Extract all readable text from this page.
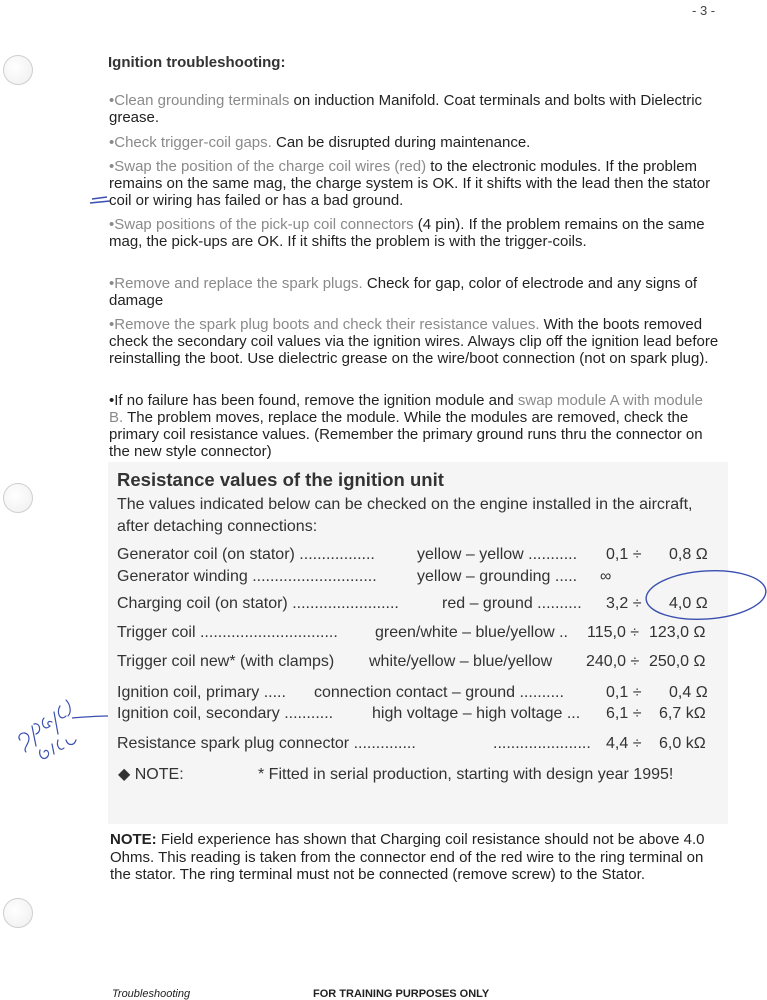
- 3 -
Ignition troubleshooting:
•Clean grounding terminals on induction Manifold. Coat terminals and bolts with Dielectric grease.
•Check trigger-coil gaps. Can be disrupted during maintenance.
•Swap the position of the charge coil wires (red) to the electronic modules. If the problem remains on the same mag, the charge system is OK. If it shifts with the lead then the stator coil or wiring has failed or has a bad ground.
•Swap positions of the pick-up coil connectors (4 pin). If the problem remains on the same mag, the pick-ups are OK. If it shifts the problem is with the trigger-coils.
•Remove and replace the spark plugs. Check for gap, color of electrode and any signs of damage
•Remove the spark plug boots and check their resistance values. With the boots removed check the secondary coil values via the ignition wires. Always clip off the ignition lead before reinstalling the boot. Use dielectric grease on the wire/boot connection (not on spark plug).
•If no failure has been found, remove the ignition module and swap module A with module B. The problem moves, replace the module. While the modules are removed, check the primary coil resistance values. (Remember the primary ground runs thru the connector on the new style connector)
Resistance values of the ignition unit
The values indicated below can be checked on the engine installed in the aircraft, after detaching connections:
Generator coil (on stator) .................	yellow – yellow ........... 0,1 ÷ 0,8 Ω
Generator winding ............................	yellow – grounding ..... ∞
Charging coil (on stator) ........................	red – ground .......... 3,2 ÷ 4,0 Ω
Trigger coil ............................... green/white – blue/yellow .. 115,0 ÷ 123,0 Ω
Trigger coil new* (with clamps) white/yellow – blue/yellow 240,0 ÷ 250,0 Ω
Ignition coil, primary ..... connection contact – ground ..........	0,1 ÷ 0,4 Ω
Ignition coil, secondary ........... high voltage – high voltage ... 6,1 ÷ 6,7 kΩ
Resistance spark plug connector ..............	...................... 4,4 ÷ 6,0 kΩ
◆ NOTE:	* Fitted in serial production, starting with design year 1995!
NOTE: Field experience has shown that Charging coil resistance should not be above 4.0 Ohms. This reading is taken from the connector end of the red wire to the ring terminal on the stator. The ring terminal must not be connected (remove screw) to the Stator.
Troubleshooting	FOR TRAINING PURPOSES ONLY
